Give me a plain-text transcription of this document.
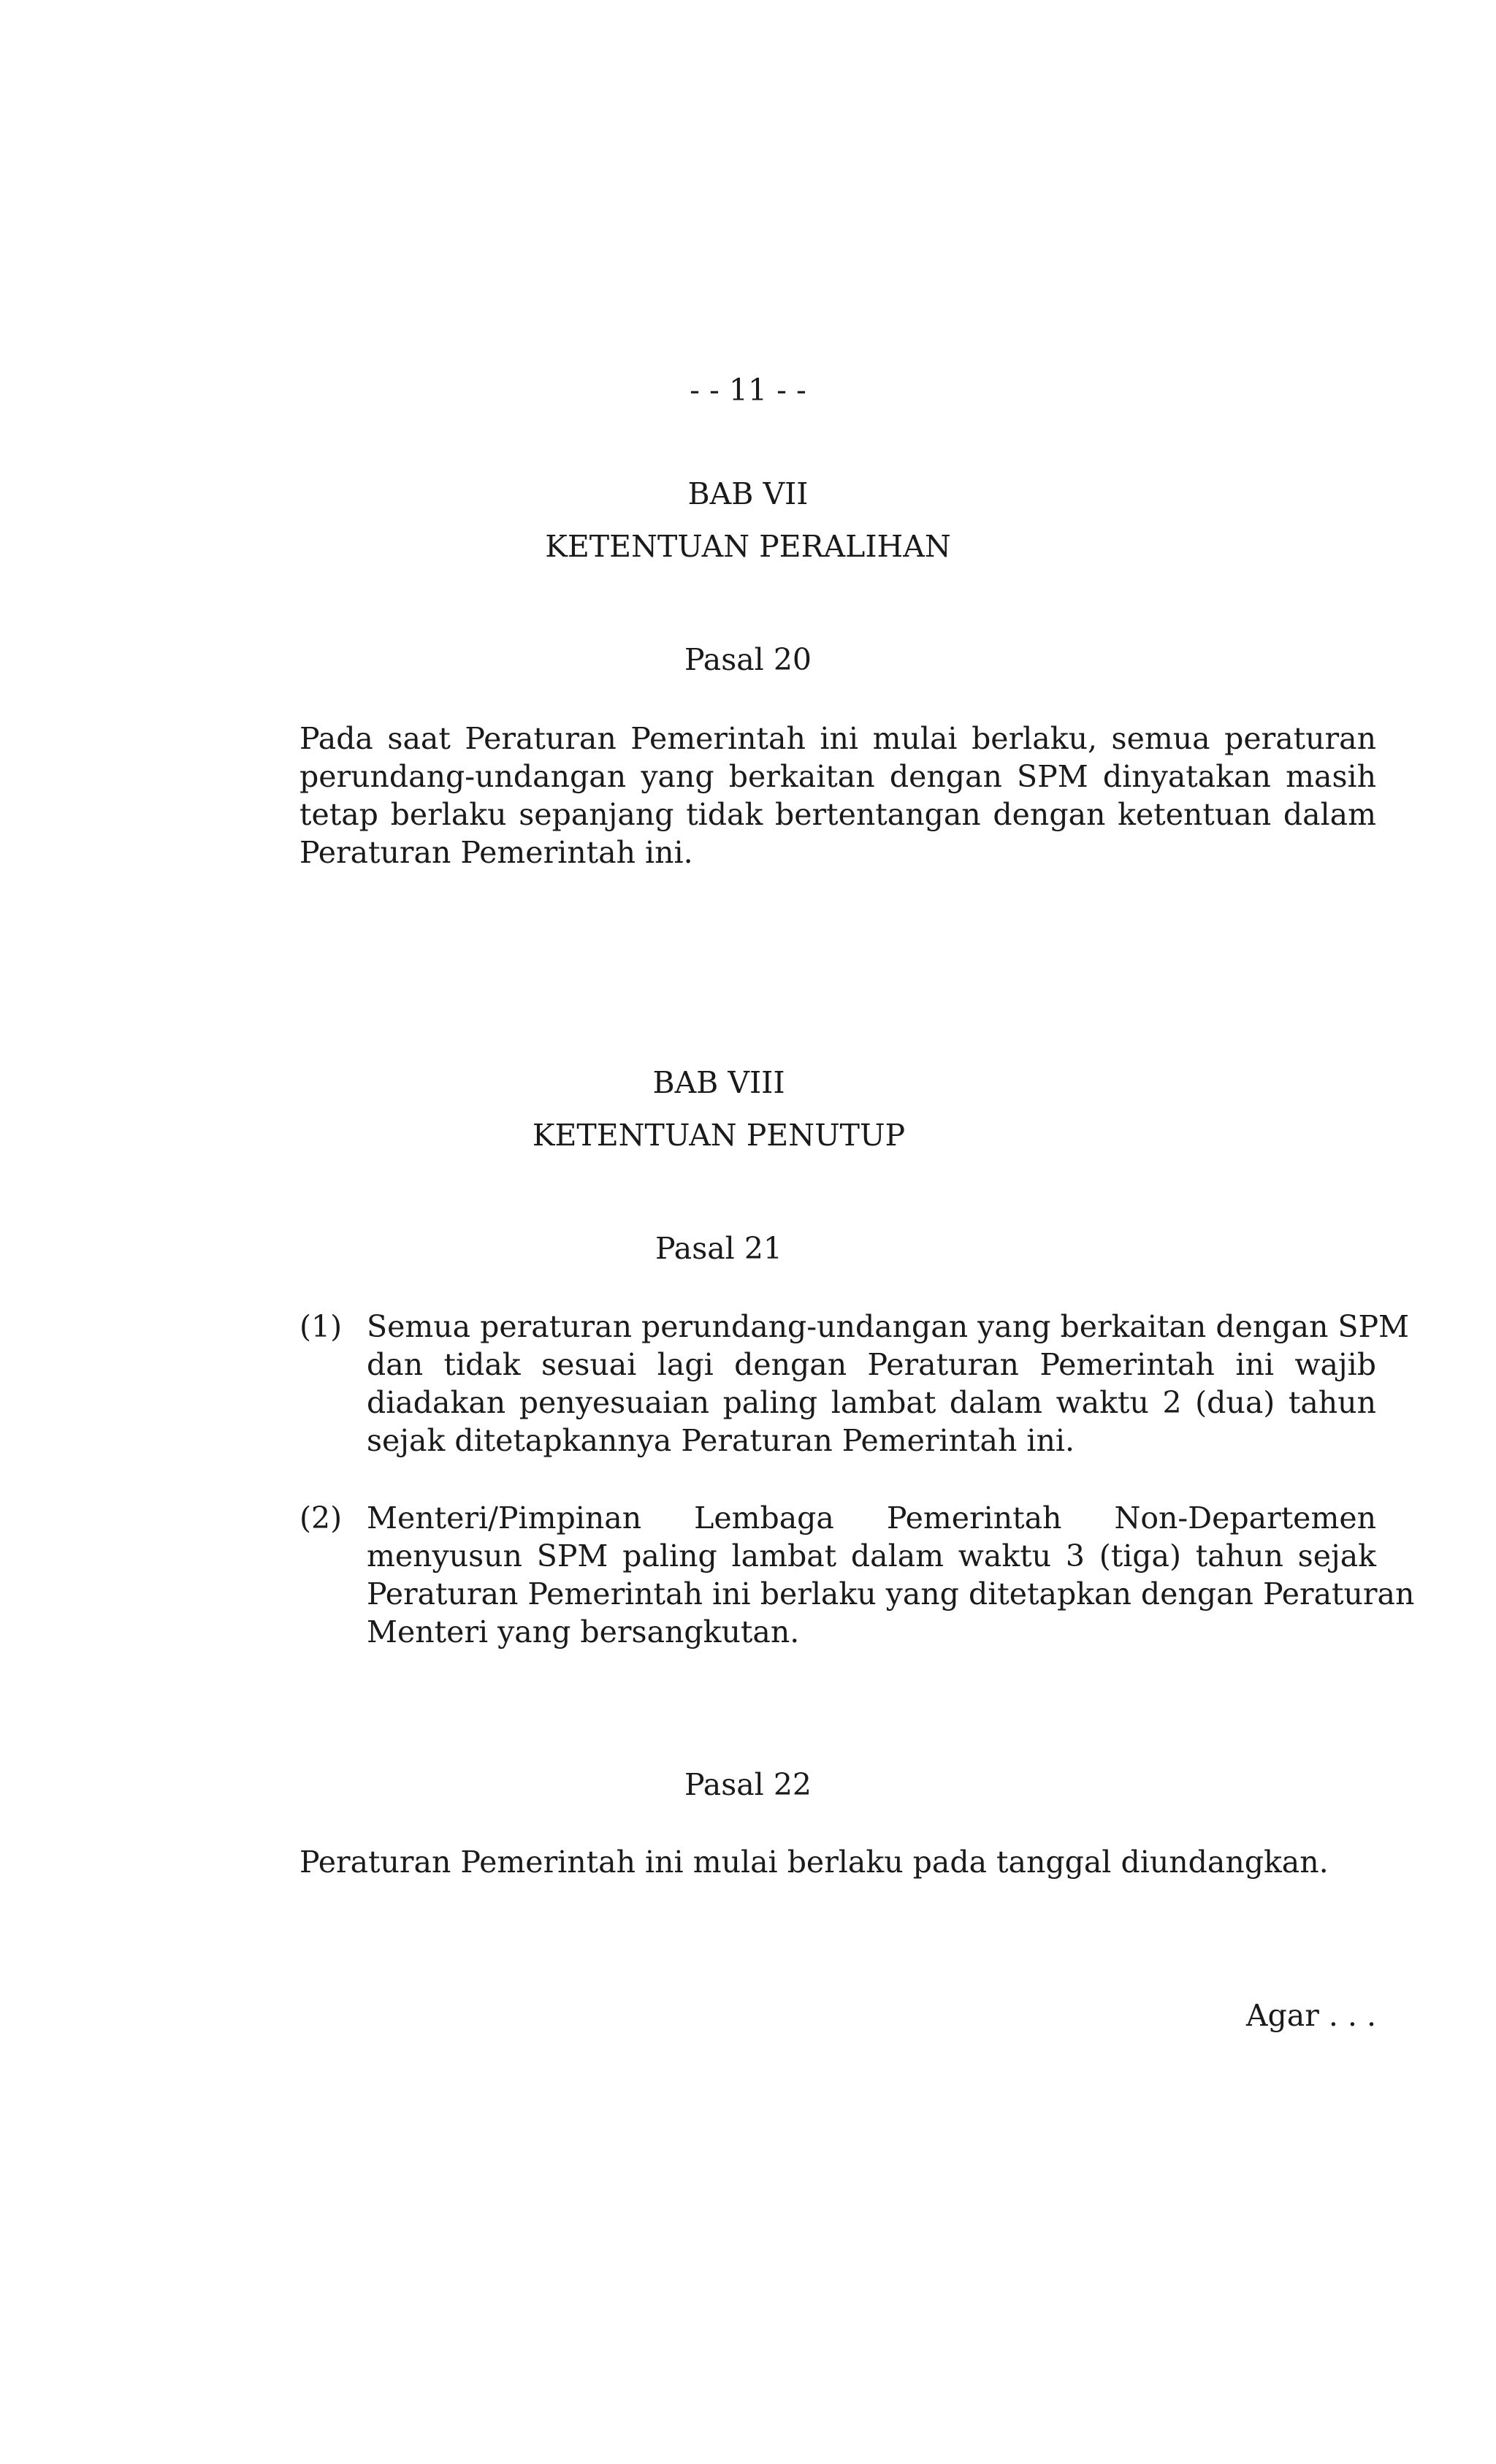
- - 11 - -
BAB VII
KETENTUAN PERALIHAN
Pasal 20
Pada saat Peraturan Pemerintah ini mulai berlaku, semua peraturan
perundang-undangan yang berkaitan dengan SPM dinyatakan masih
tetap berlaku sepanjang tidak bertentangan dengan ketentuan dalam
Peraturan Pemerintah ini.
BAB VIII
KETENTUAN PENUTUP
Pasal 21
(1) Semua peraturan perundang-undangan yang berkaitan dengan SPM
dan tidak sesuai lagi dengan Peraturan Pemerintah ini wajib
diadakan penyesuaian paling lambat dalam waktu 2 (dua) tahun
sejak ditetapkannya Peraturan Pemerintah ini.
(2) Menteri/Pimpinan Lembaga Pemerintah Non-Departemen
menyusun SPM paling lambat dalam waktu 3 (tiga) tahun sejak
Peraturan Pemerintah ini berlaku yang ditetapkan dengan Peraturan
Menteri yang bersangkutan.
Pasal 22
Peraturan Pemerintah ini mulai berlaku pada tanggal diundangkan.
Agar . . .
